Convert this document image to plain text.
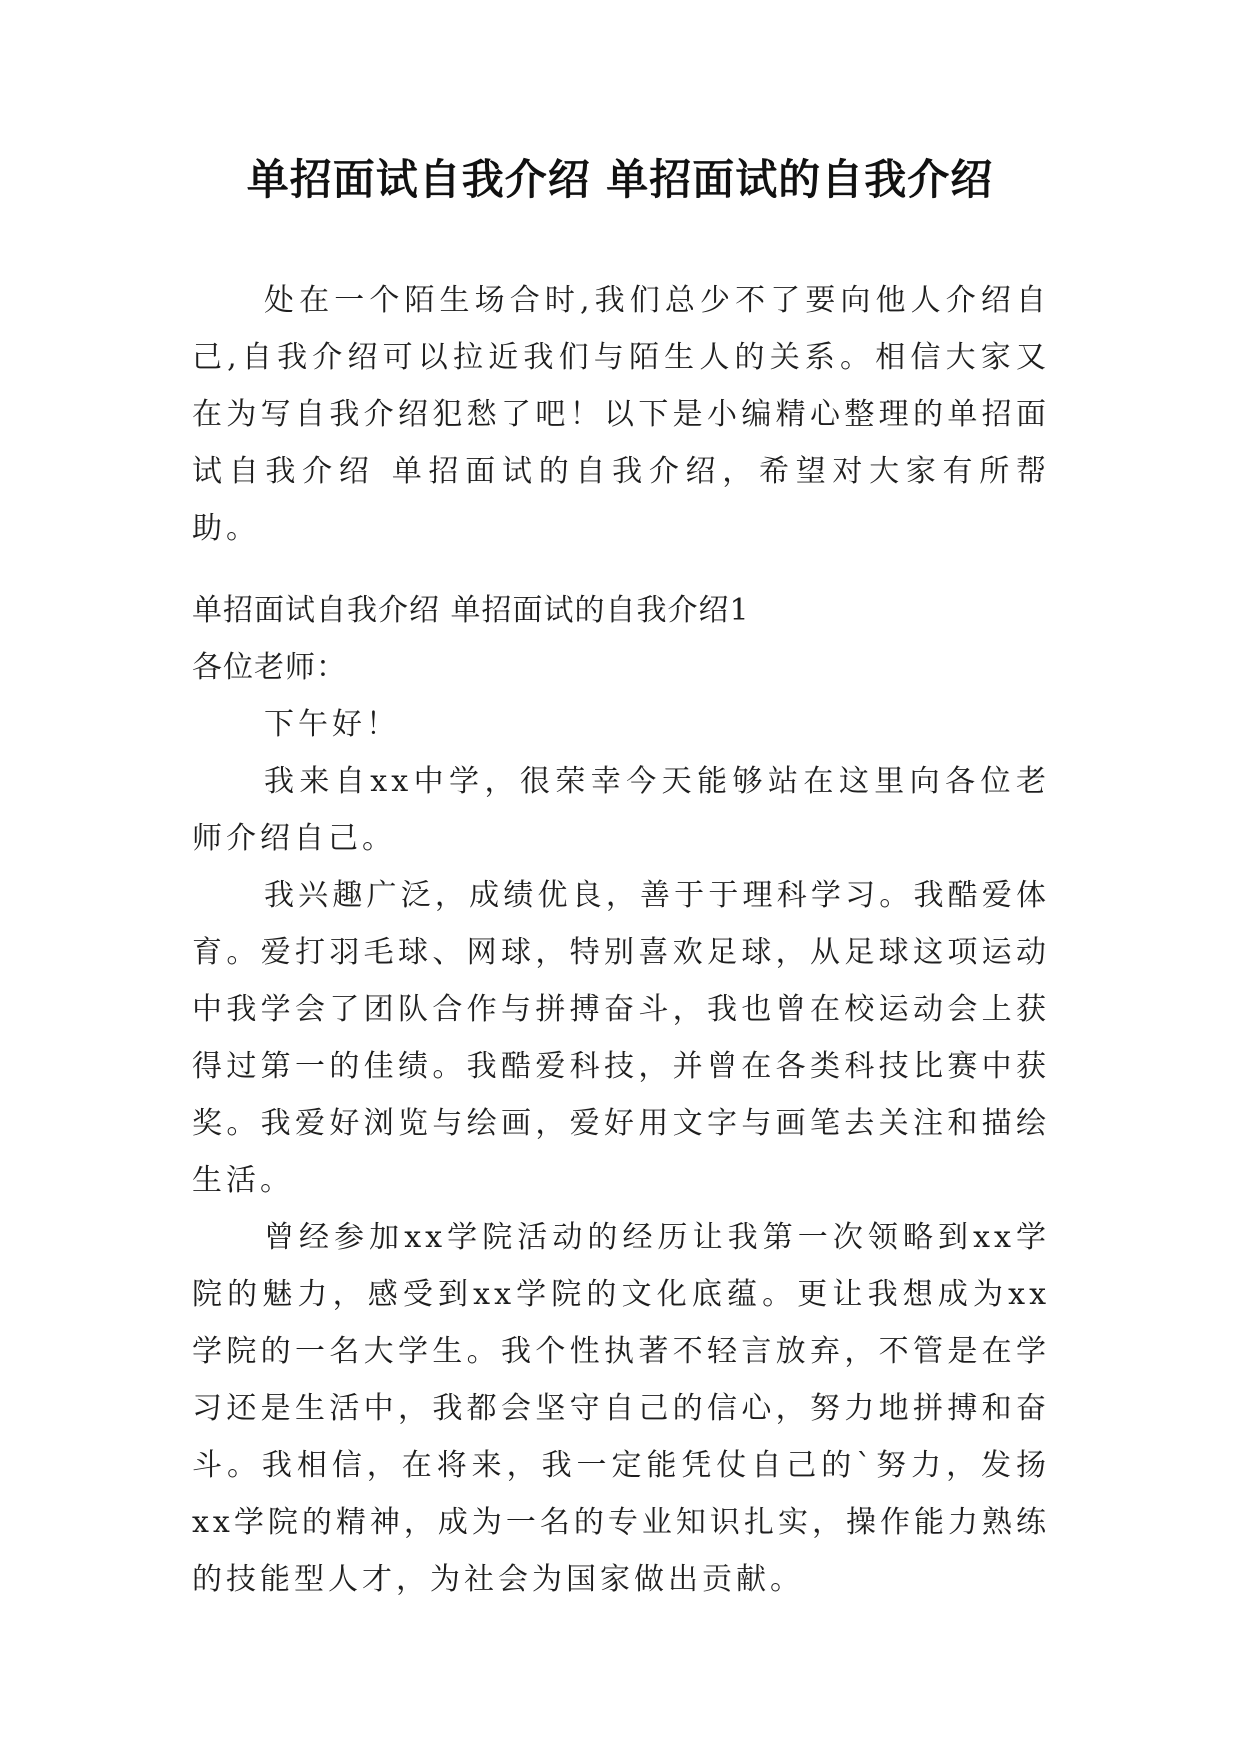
单招面试自我介绍 单招面试的自我介绍

处在一个陌生场合时,我们总少不了要向他人介绍自己,自我介绍可以拉近我们与陌生人的关系。相信大家又在为写自我介绍犯愁了吧！以下是小编精心整理的单招面试自我介绍 单招面试的自我介绍，希望对大家有所帮助。

单招面试自我介绍 单招面试的自我介绍1

各位老师：

下午好！

我来自xx中学，很荣幸今天能够站在这里向各位老师介绍自己。

我兴趣广泛，成绩优良，善于于理科学习。我酷爱体育。爱打羽毛球、网球，特别喜欢足球，从足球这项运动中我学会了团队合作与拼搏奋斗，我也曾在校运动会上获得过第一的佳绩。我酷爱科技，并曾在各类科技比赛中获奖。我爱好浏览与绘画，爱好用文字与画笔去关注和描绘生活。

曾经参加xx学院活动的经历让我第一次领略到xx学院的魅力，感受到xx学院的文化底蕴。更让我想成为xx学院的一名大学生。我个性执著不轻言放弃，不管是在学习还是生活中，我都会坚守自己的信心，努力地拼搏和奋斗。我相信，在将来，我一定能凭仗自己的`努力，发扬xx学院的精神，成为一名的专业知识扎实，操作能力熟练的技能型人才，为社会为国家做出贡献。
